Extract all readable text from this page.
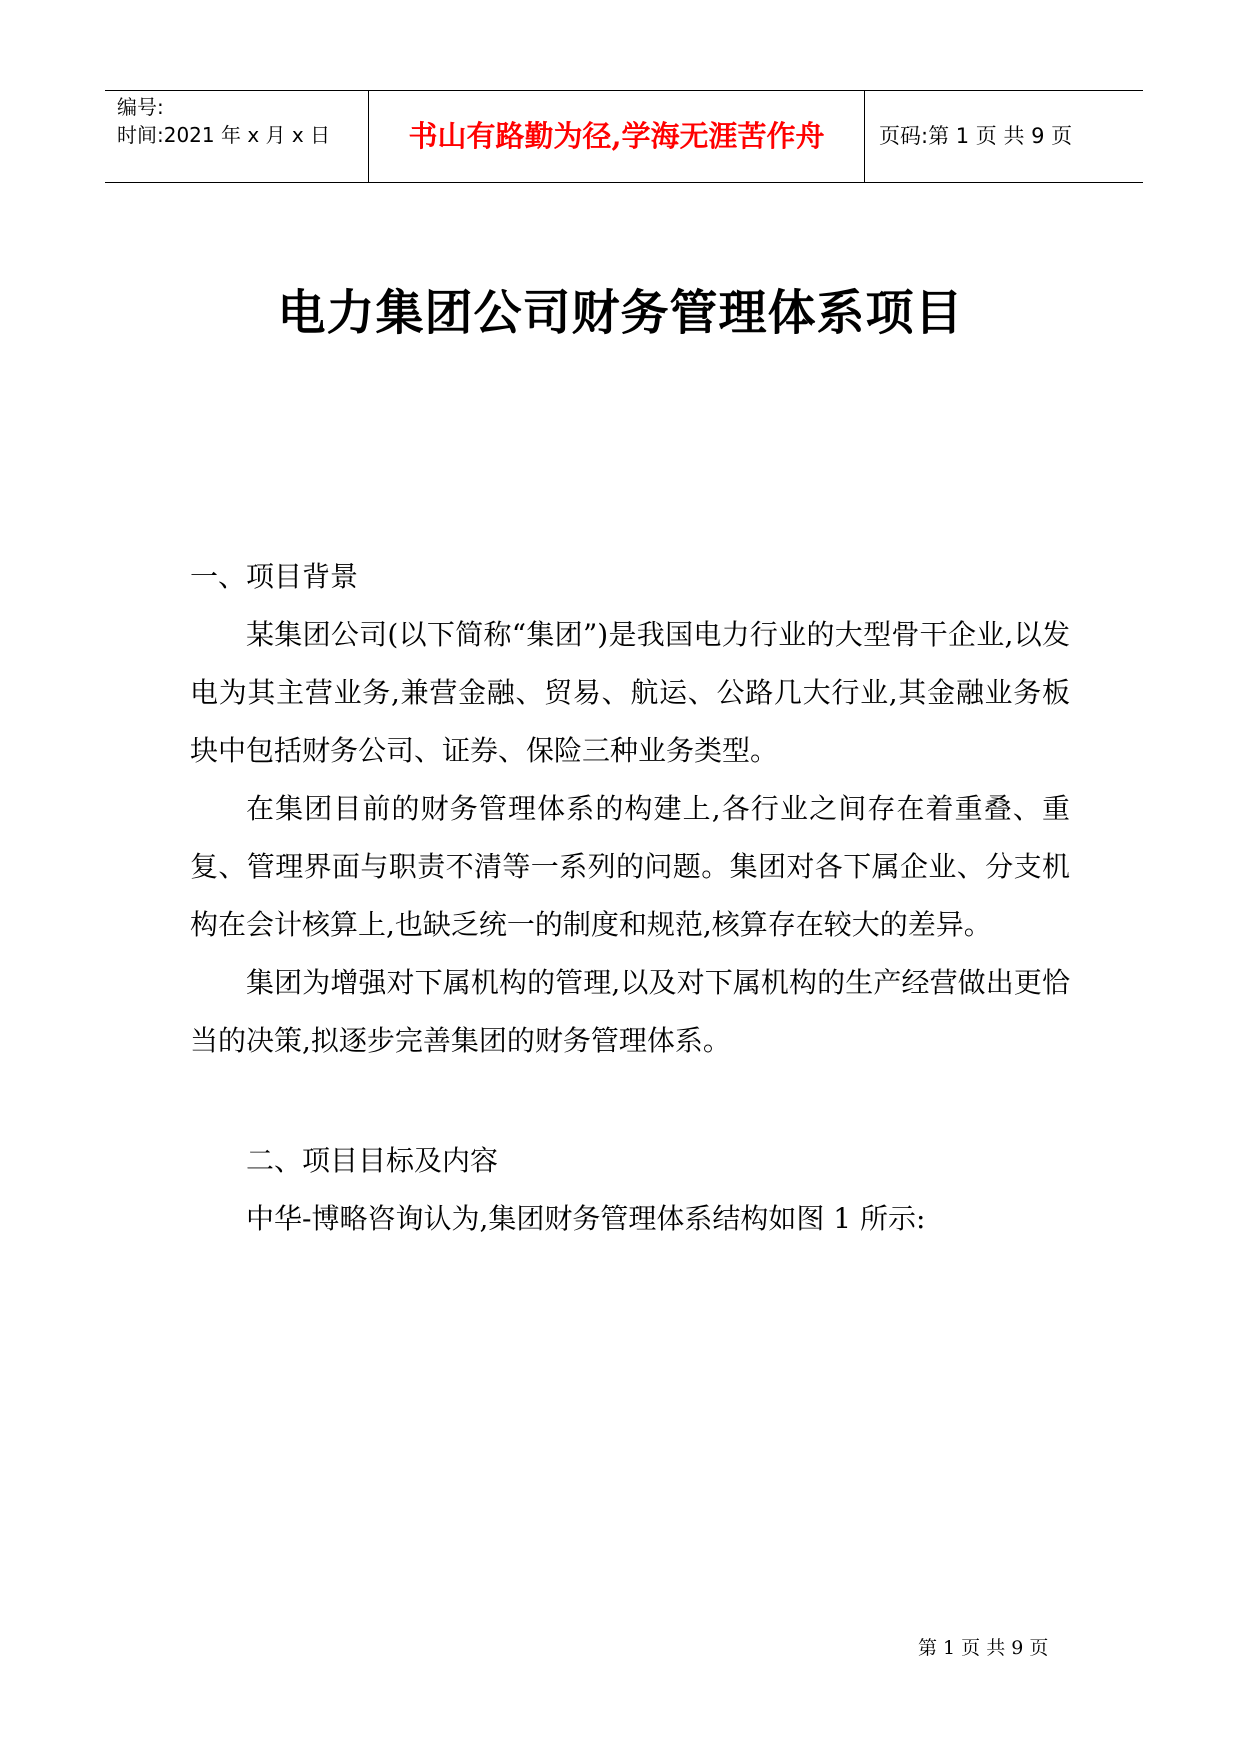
编号:
时间:2021 年 x 月 x 日	书山有路勤为径,学海无涯苦作舟	页码:第 1 页 共 9 页
电力集团公司财务管理体系项目

一、项目背景

某集团公司(以下简称“集团”)是我国电力行业的大型骨干企业,以发电为其主营业务,兼营金融、贸易、航运、公路几大行业,其金融业务板块中包括财务公司、证券、保险三种业务类型。

在集团目前的财务管理体系的构建上,各行业之间存在着重叠、重复、管理界面与职责不清等一系列的问题。集团对各下属企业、分支机构在会计核算上,也缺乏统一的制度和规范,核算存在较大的差异。

集团为增强对下属机构的管理,以及对下属机构的生产经营做出更恰当的决策,拟逐步完善集团的财务管理体系。

二、项目目标及内容

中华-博略咨询认为,集团财务管理体系结构如图 1 所示:

第 1 页 共 9 页
